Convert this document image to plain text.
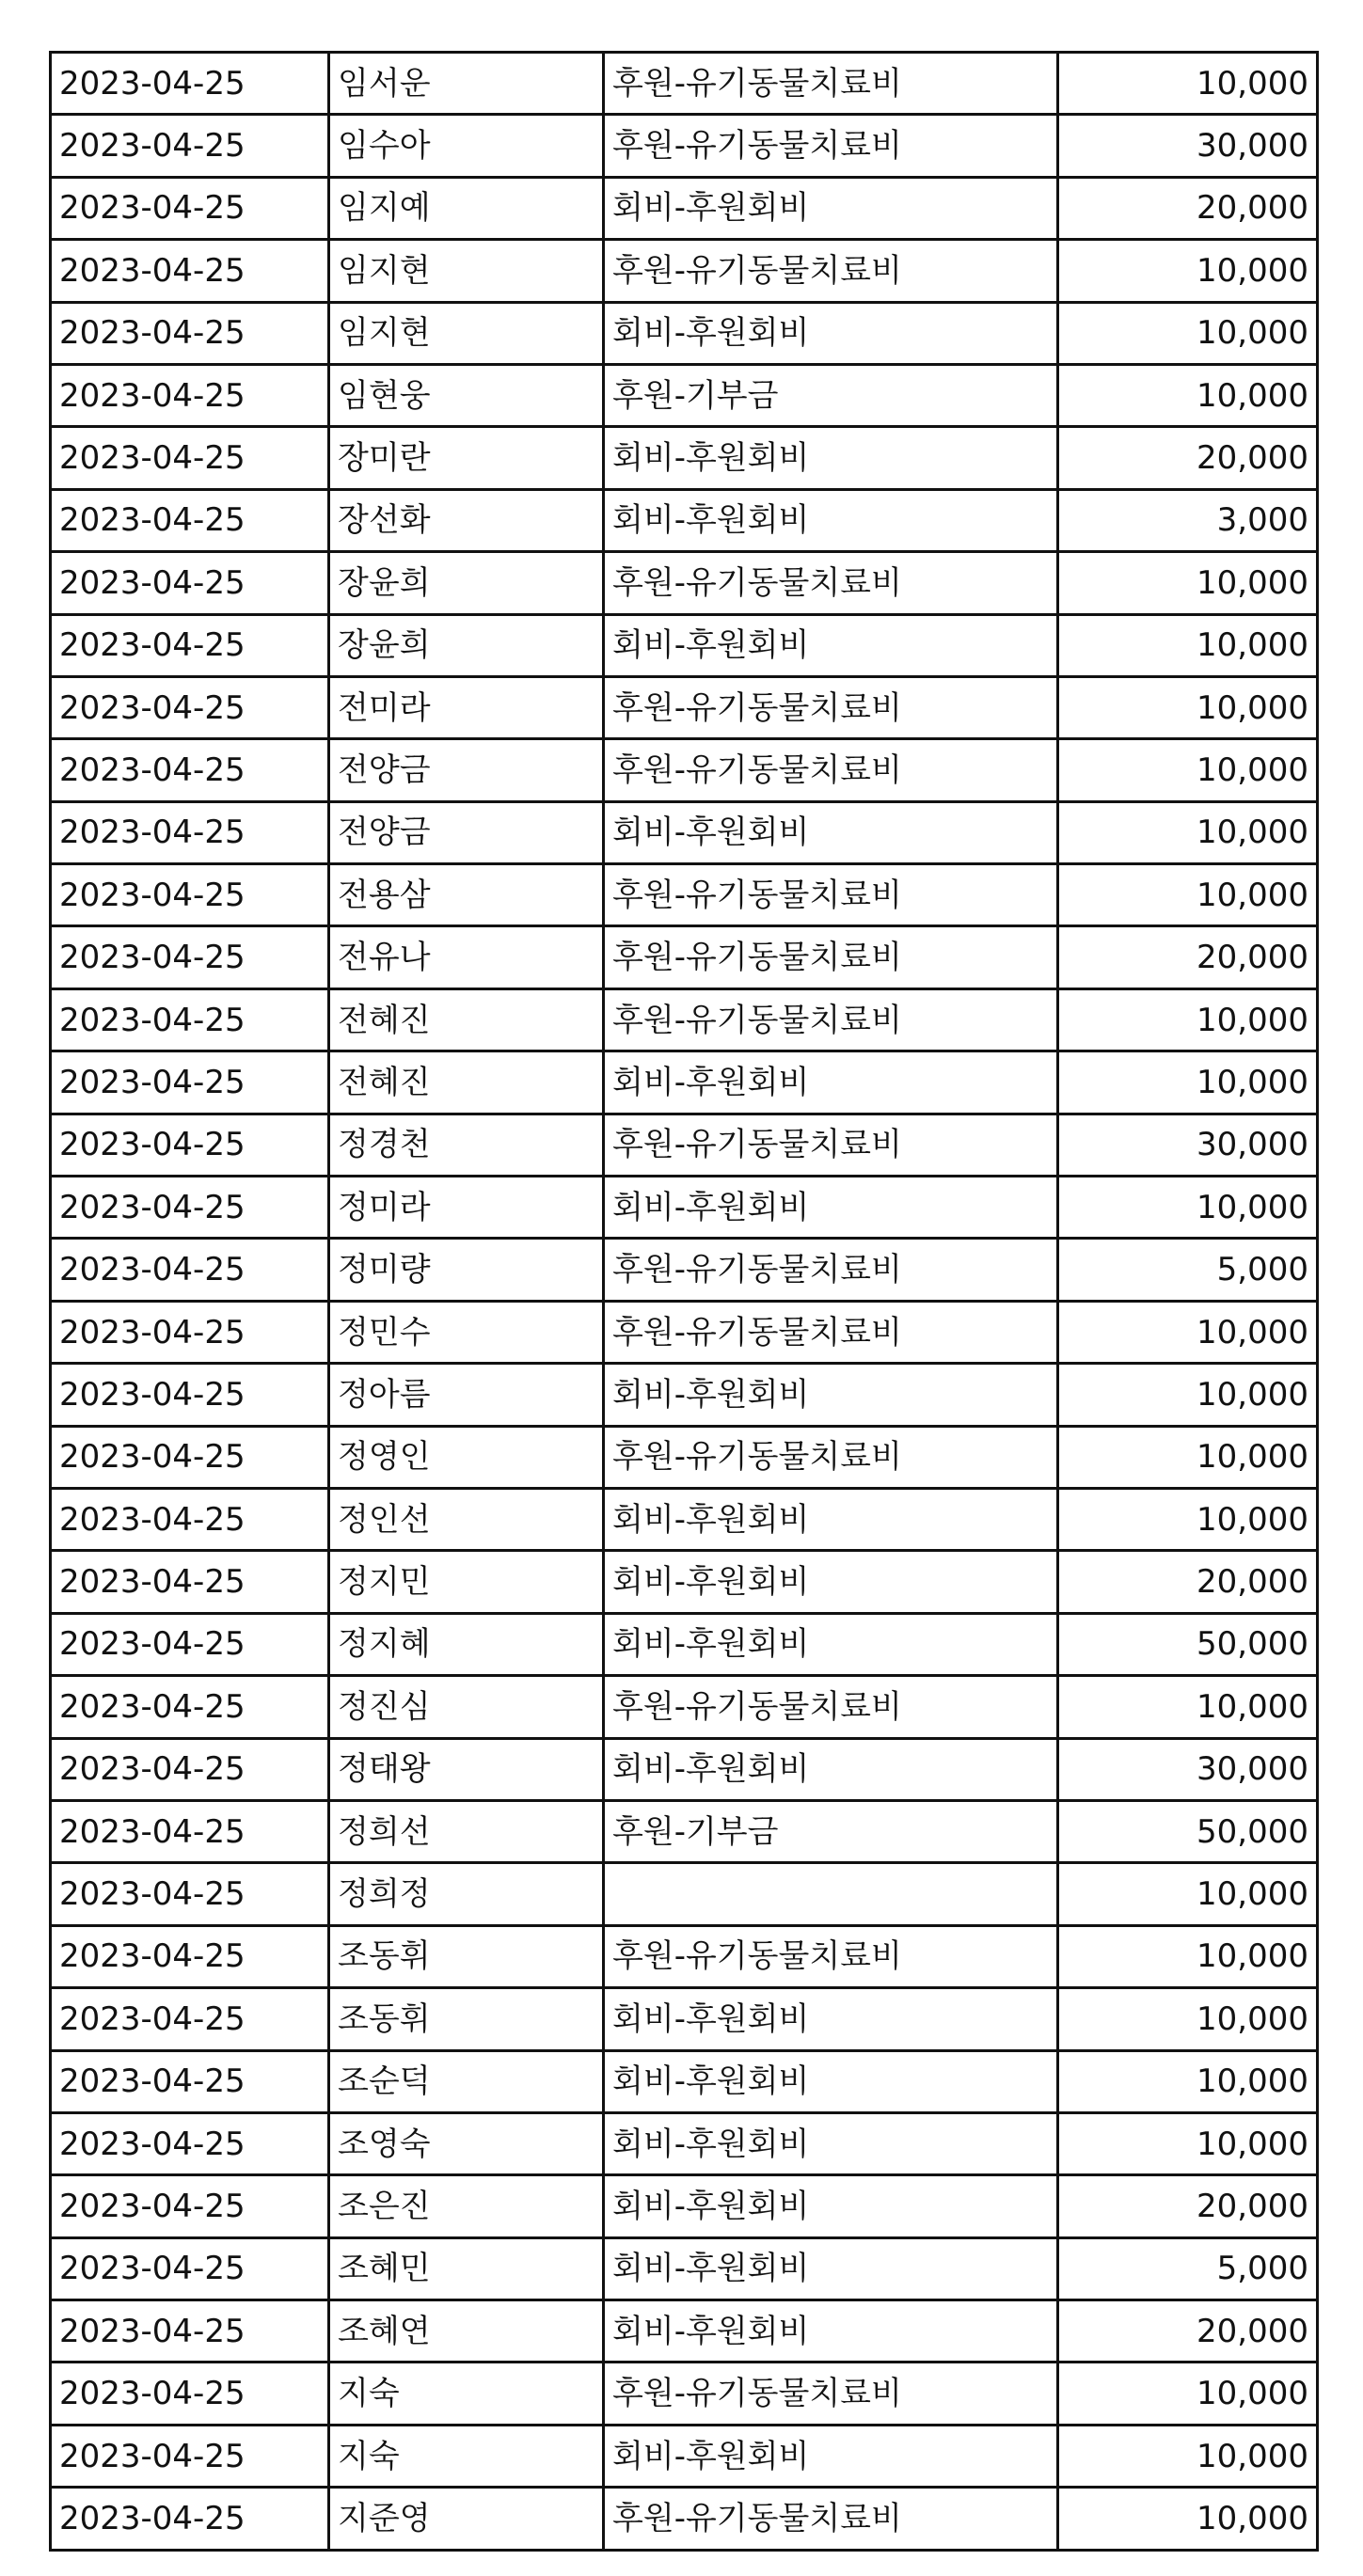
2023-04-25	임서운	후원-유기동물치료비	10,000
2023-04-25	임수아	후원-유기동물치료비	30,000
2023-04-25	임지예	회비-후원회비	20,000
2023-04-25	임지현	후원-유기동물치료비	10,000
2023-04-25	임지현	회비-후원회비	10,000
2023-04-25	임현웅	후원-기부금	10,000
2023-04-25	장미란	회비-후원회비	20,000
2023-04-25	장선화	회비-후원회비	3,000
2023-04-25	장윤희	후원-유기동물치료비	10,000
2023-04-25	장윤희	회비-후원회비	10,000
2023-04-25	전미라	후원-유기동물치료비	10,000
2023-04-25	전양금	후원-유기동물치료비	10,000
2023-04-25	전양금	회비-후원회비	10,000
2023-04-25	전용삼	후원-유기동물치료비	10,000
2023-04-25	전유나	후원-유기동물치료비	20,000
2023-04-25	전혜진	후원-유기동물치료비	10,000
2023-04-25	전혜진	회비-후원회비	10,000
2023-04-25	정경천	후원-유기동물치료비	30,000
2023-04-25	정미라	회비-후원회비	10,000
2023-04-25	정미량	후원-유기동물치료비	5,000
2023-04-25	정민수	후원-유기동물치료비	10,000
2023-04-25	정아름	회비-후원회비	10,000
2023-04-25	정영인	후원-유기동물치료비	10,000
2023-04-25	정인선	회비-후원회비	10,000
2023-04-25	정지민	회비-후원회비	20,000
2023-04-25	정지혜	회비-후원회비	50,000
2023-04-25	정진심	후원-유기동물치료비	10,000
2023-04-25	정태왕	회비-후원회비	30,000
2023-04-25	정희선	후원-기부금	50,000
2023-04-25	정희정		10,000
2023-04-25	조동휘	후원-유기동물치료비	10,000
2023-04-25	조동휘	회비-후원회비	10,000
2023-04-25	조순덕	회비-후원회비	10,000
2023-04-25	조영숙	회비-후원회비	10,000
2023-04-25	조은진	회비-후원회비	20,000
2023-04-25	조혜민	회비-후원회비	5,000
2023-04-25	조혜연	회비-후원회비	20,000
2023-04-25	지숙	후원-유기동물치료비	10,000
2023-04-25	지숙	회비-후원회비	10,000
2023-04-25	지준영	후원-유기동물치료비	10,000
